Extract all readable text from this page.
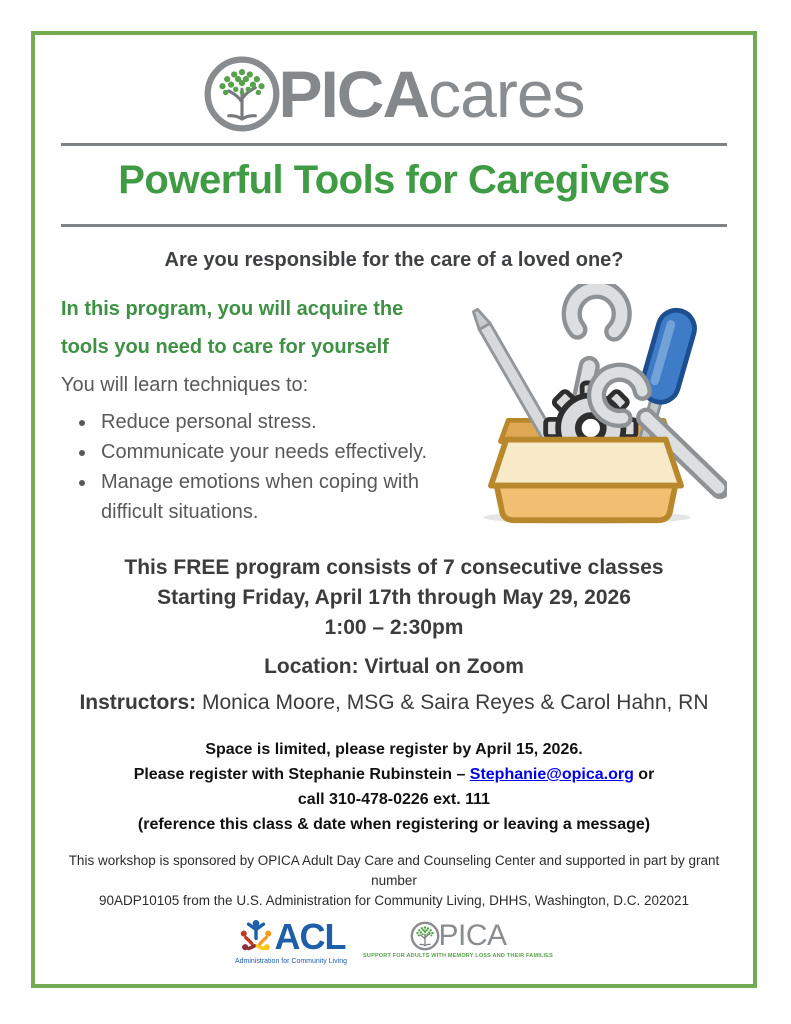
PICA cares
Powerful Tools for Caregivers
Are you responsible for the care of a loved one?
In this program, you will acquire the
tools you need to care for yourself
You will learn techniques to:
• Reduce personal stress.
• Communicate your needs effectively.
• Manage emotions when coping with difficult situations.
This FREE program consists of 7 consecutive classes
Starting Friday, April 17th through May 29, 2026
1:00 – 2:30pm
Location: Virtual on Zoom
Instructors: Monica Moore, MSG & Saira Reyes & Carol Hahn, RN
Space is limited, please register by April 15, 2026.
Please register with Stephanie Rubinstein – Stephanie@opica.org or
call 310-478-0226 ext. 111
(reference this class & date when registering or leaving a message)
This workshop is sponsored by OPICA Adult Day Care and Counseling Center and supported in part by grant number
90ADP10105 from the U.S. Administration for Community Living, DHHS, Washington, D.C. 202021
ACL
Administration for Community Living
PICA
SUPPORT FOR ADULTS WITH MEMORY LOSS AND THEIR FAMILIES
